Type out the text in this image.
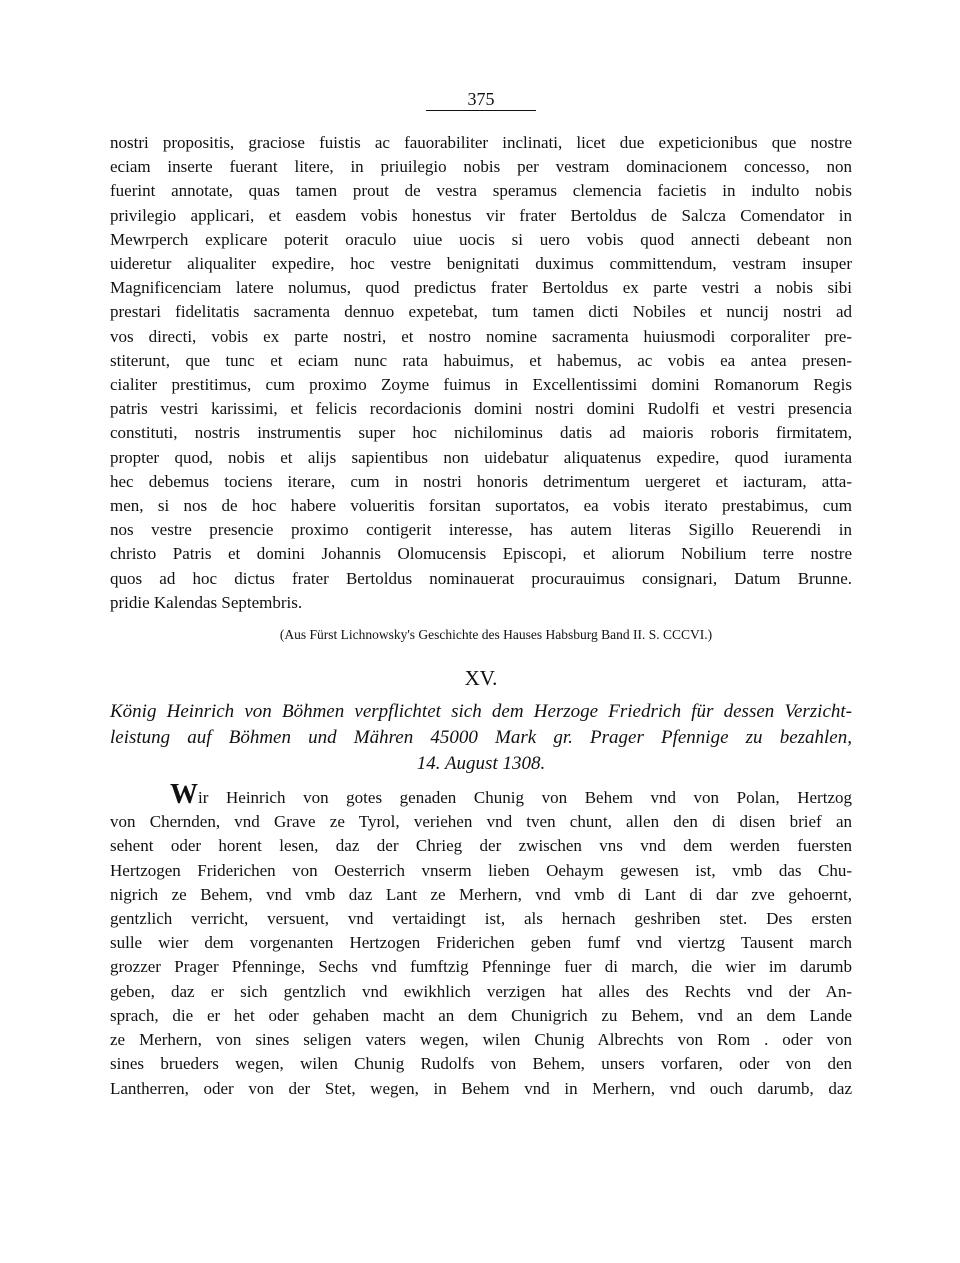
375
nostri propositis, graciose fuistis ac fauorabiliter inclinati, licet due expeticionibus que nostre
eciam inserte fuerant litere, in priuilegio nobis per vestram dominacionem concesso, non
fuerint annotate, quas tamen prout de vestra speramus clemencia facietis in indulto nobis
privilegio applicari, et easdem vobis honestus vir frater Bertoldus de Salcza Comendator in
Mewrperch explicare poterit oraculo uiue uocis si uero vobis quod annecti debeant non
uideretur aliqualiter expedire, hoc vestre benignitati duximus committendum, vestram insuper
Magnificenciam latere nolumus, quod predictus frater Bertoldus ex parte vestri a nobis sibi
prestari fidelitatis sacramenta dennuo expetebat, tum tamen dicti Nobiles et nuncij nostri ad
vos directi, vobis ex parte nostri, et nostro nomine sacramenta huiusmodi corporaliter pre-
stiterunt, que tunc et eciam nunc rata habuimus, et habemus, ac vobis ea antea presen-
cialiter prestitimus, cum proximo Zoyme fuimus in Excellentissimi domini Romanorum Regis
patris vestri karissimi, et felicis recordacionis domini nostri domini Rudolfi et vestri presencia
constituti, nostris instrumentis super hoc nichilominus datis ad maioris roboris firmitatem,
propter quod, nobis et alijs sapientibus non uidebatur aliquatenus expedire, quod iuramenta
hec debemus tociens iterare, cum in nostri honoris detrimentum uergeret et iacturam, atta-
men, si nos de hoc habere volueritis forsitan suportatos, ea vobis iterato prestabimus, cum
nos vestre presencie proximo contigerit interesse, has autem literas Sigillo Reuerendi in
christo Patris et domini Johannis Olomucensis Episcopi, et aliorum Nobilium terre nostre
quos ad hoc dictus frater Bertoldus nominauerat procurauimus consignari, Datum Brunne.
pridie Kalendas Septembris.
(Aus Fürst Lichnowsky's Geschichte des Hauses Habsburg Band II. S. CCCVI.)
XV.
König Heinrich von Böhmen verpflichtet sich dem Herzoge Friedrich für dessen Verzicht-
leistung auf Böhmen und Mähren 45000 Mark gr. Prager Pfennige zu bezahlen,
14. August 1308.
Wir Heinrich von gotes genaden Chunig von Behem vnd von Polan, Hertzog
von Chernden, vnd Grave ze Tyrol, veriehen vnd tven chunt, allen den di disen brief an
sehent oder horent lesen, daz der Chrieg der zwischen vns vnd dem werden fuersten
Hertzogen Friderichen von Oesterrich vnserm lieben Oehaym gewesen ist, vmb das Chu-
nigrich ze Behem, vnd vmb daz Lant ze Merhern, vnd vmb di Lant di dar zve gehoernt,
gentzlich verricht, versuent, vnd vertaidingt ist, als hernach geshriben stet. Des ersten
sulle wier dem vorgenanten Hertzogen Friderichen geben fumf vnd viertzg Tausent march
grozzer Prager Pfenninge, Sechs vnd fumftzig Pfenninge fuer di march, die wier im darumb
geben, daz er sich gentzlich vnd ewikhlich verzigen hat alles des Rechts vnd der An-
sprach, die er het oder gehaben macht an dem Chunigrich zu Behem, vnd an dem Lande
ze Merhern, von sines seligen vaters wegen, wilen Chunig Albrechts von Rom . oder von
sines brueders wegen, wilen Chunig Rudolfs von Behem, unsers vorfaren, oder von den
Lantherren, oder von der Stet, wegen, in Behem vnd in Merhern, vnd ouch darumb, daz
